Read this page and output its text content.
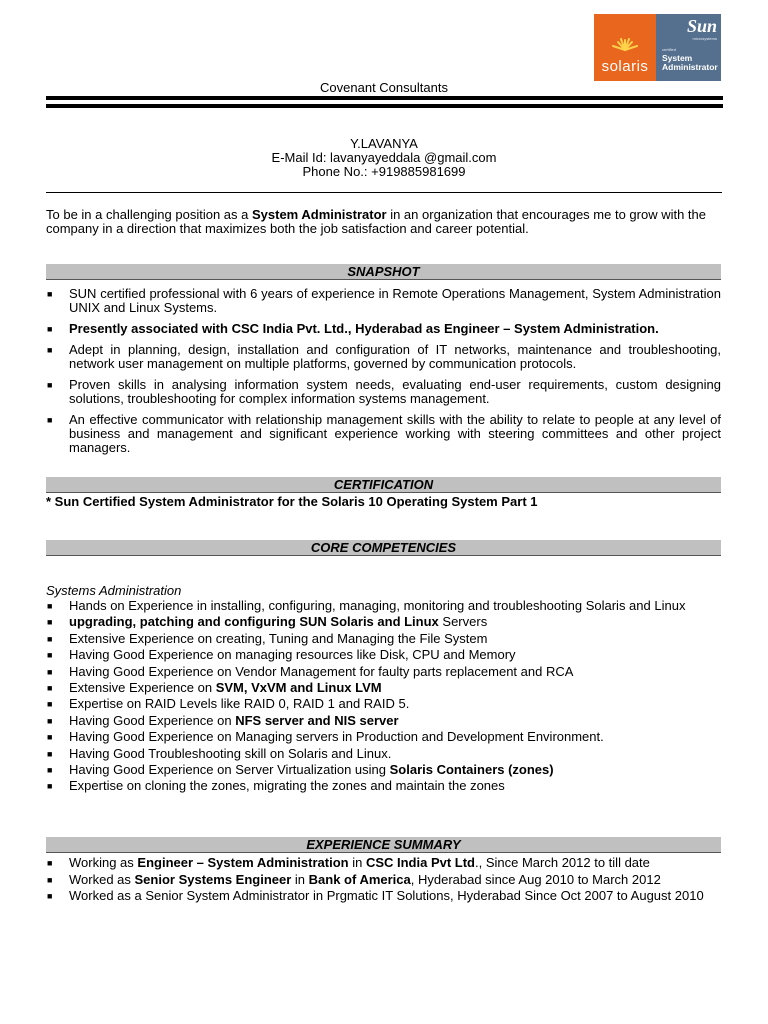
solaris
Sun
microsystems
certified
System
Administrator
Covenant Consultants
Y.LAVANYA
E-Mail Id: lavanyayeddala @gmail.com
Phone No.: +919885981699
To be in a challenging position as a System Administrator in an organization that encourages me to grow with the company in a direction that maximizes both the job satisfaction and career potential.
SNAPSHOT
■ SUN certified professional with 6 years of experience in Remote Operations Management, System Administration UNIX and Linux Systems.
■ Presently associated with CSC India Pvt. Ltd., Hyderabad as Engineer – System Administration.
■ Adept in planning, design, installation and configuration of IT networks, maintenance and troubleshooting, network user management on multiple platforms, governed by communication protocols.
■ Proven skills in analysing information system needs, evaluating end-user requirements, custom designing solutions, troubleshooting for complex information systems management.
■ An effective communicator with relationship management skills with the ability to relate to people at any level of business and management and significant experience working with steering committees and other project managers.
CERTIFICATION
* Sun Certified System Administrator for the Solaris 10 Operating System Part 1
CORE COMPETENCIES
Systems Administration
■ Hands on Experience in installing, configuring, managing, monitoring and troubleshooting Solaris and Linux
■ upgrading, patching and configuring SUN Solaris and Linux Servers
■ Extensive Experience on creating, Tuning and Managing the File System
■ Having Good Experience on managing resources like Disk, CPU and Memory
■ Having Good Experience on Vendor Management for faulty parts replacement and RCA
■ Extensive Experience on SVM, VxVM and Linux LVM
■ Expertise on RAID Levels like RAID 0, RAID 1 and RAID 5.
■ Having Good Experience on NFS server and NIS server
■ Having Good Experience on Managing servers in Production and Development Environment.
■ Having Good Troubleshooting skill on Solaris and Linux.
■ Having Good Experience on Server Virtualization using Solaris Containers (zones)
■ Expertise on cloning the zones, migrating the zones and maintain the zones
EXPERIENCE SUMMARY
■ Working as Engineer – System Administration in CSC India Pvt Ltd., Since March 2012 to till date
■ Worked as Senior Systems Engineer in Bank of America, Hyderabad since Aug 2010 to March 2012
■ Worked as a Senior System Administrator in Prgmatic IT Solutions, Hyderabad Since Oct 2007 to August 2010
